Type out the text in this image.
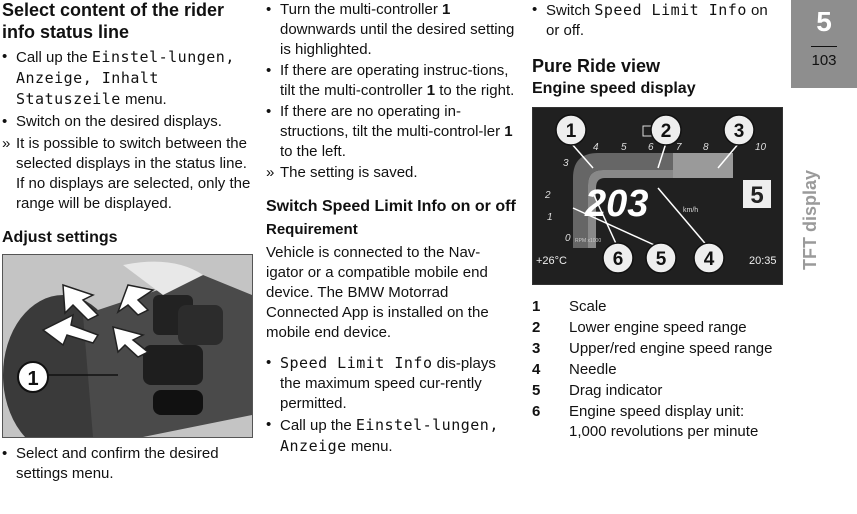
Select content of the rider info status line
• Call up the Einstel-lungen, Anzeige, Inhalt Statuszeile menu.
• Switch on the desired displays.
» It is possible to switch between the selected displays in the status line. If no displays are selected, only the range will be displayed.
Adjust settings
1
• Select and confirm the desired settings menu.
• Turn the multi-controller 1 downwards until the desired setting is highlighted.
• If there are operating instruc-tions, tilt the multi-controller 1 to the right.
• If there are no operating in-structions, tilt the multi-control-ler 1 to the left.
» The setting is saved.
Switch Speed Limit Info on or off
Requirement

Vehicle is connected to the Nav-igator or a compatible mobile end device. The BMW Motorrad Connected App is installed on the mobile end device.

• Speed Limit Info dis-plays the maximum speed cur-rently permitted.
• Call up the Einstel-lungen, Anzeige menu.
• Switch Speed Limit Info on or off.
Pure Ride view
Engine speed display
0
1
2
3
4 5 6 7 8	10
203	km/h
5
RPM x1000
+26°C	20:35
1	2	3
4
5
6
1	Scale
2	Lower engine speed range
3	Upper/red engine speed range
4	Needle
5	Drag indicator
6	Engine speed display unit: 1,000 revolutions per minute
5
103
TFT display
